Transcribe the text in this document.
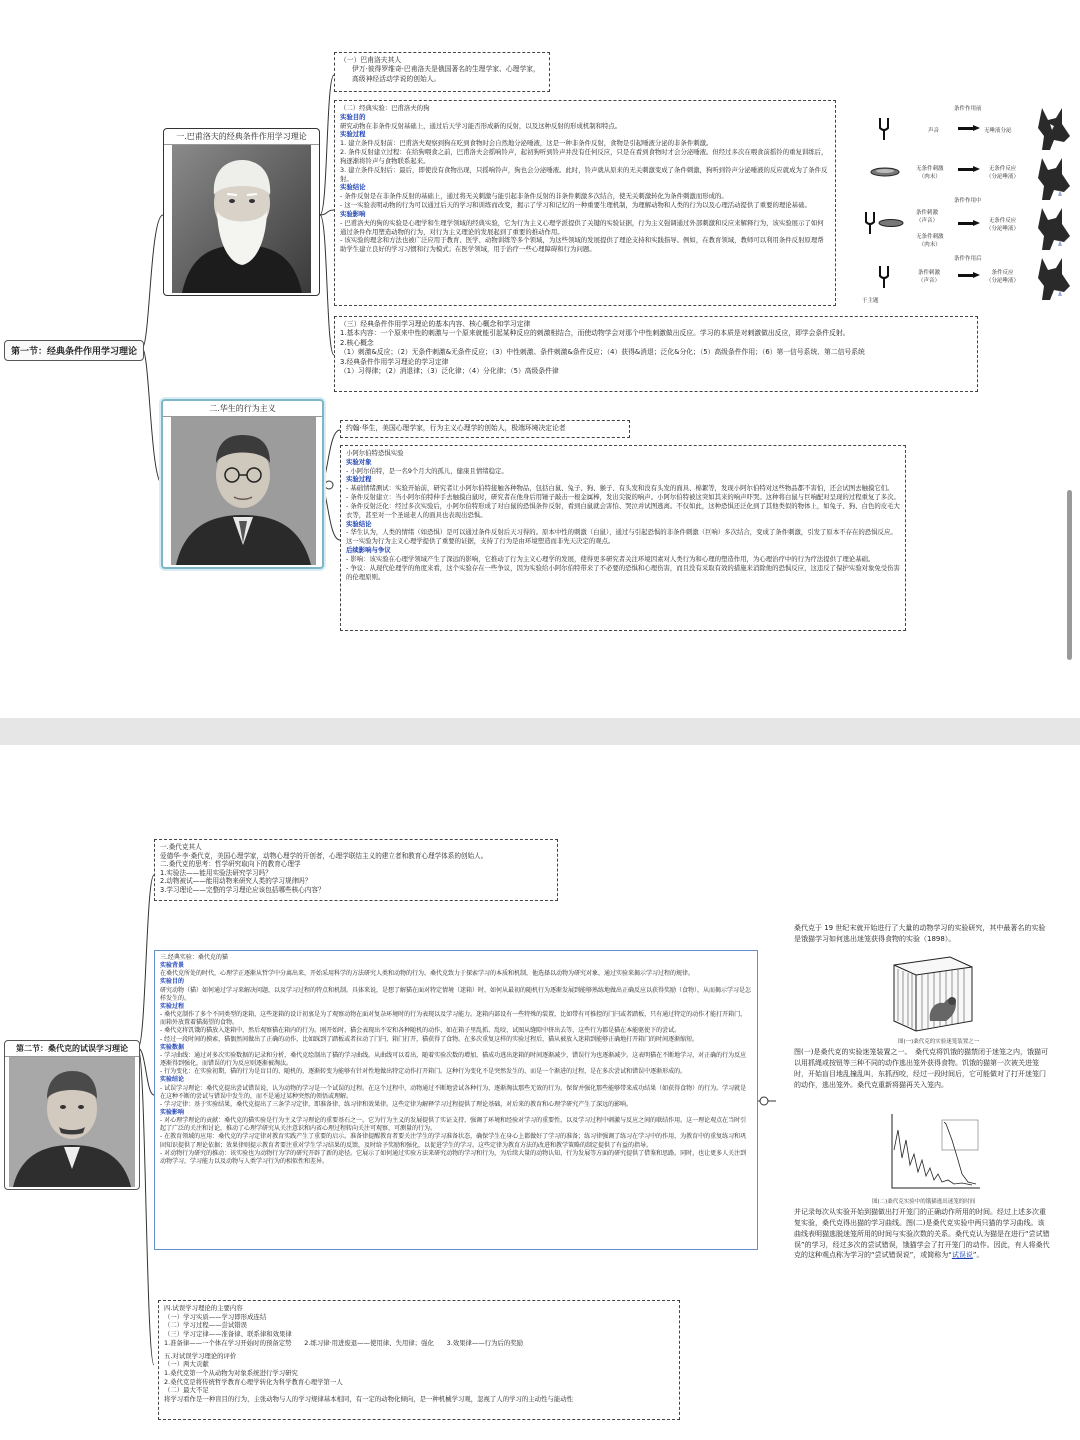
第一节：经典条件作用学习理论
一.巴甫洛夫的经典条件作用学习理论
二.华生的行为主义
（一）巴甫洛夫其人
伊万·彼得罗维奇·巴甫洛夫是俄国著名的生理学家、心理学家，高级神经活动学说的创始人。
（二）经典实验：巴甫洛夫的狗
实验目的
研究动物在非条件反射基础上，通过后天学习能否形成新的反射，以及这种反射的形成机制和特点。
实验过程
1. 建立条件反射前：巴甫洛夫观察到狗在吃到食物时会自然地分泌唾液，这是一种非条件反射，食物是引起唾液分泌的非条件刺激。
2. 条件反射建立过程：在给狗喂食之前，巴甫洛夫会摇响铃声，起初狗听到铃声并没有任何反应，只是在看到食物时才会分泌唾液。但经过多次在喂食前摇铃的重复训练后，狗逐渐将铃声与食物联系起来。
3. 建立条件反射后：最后，即使没有食物出现，只摇响铃声，狗也会分泌唾液。此时，铃声就从原来的无关刺激变成了条件刺激，狗听到铃声分泌唾液的反应就成为了条件反射。
实验结论
- 条件反射是在非条件反射的基础上，通过将无关刺激与能引起非条件反射的非条件刺激多次结合，使无关刺激转化为条件刺激而形成的。
- 这一实验表明动物的行为可以通过后天的学习和训练而改变，揭示了学习和记忆的一种重要生理机制，为理解动物和人类的行为以及心理活动提供了重要的理论基础。
实验影响
- 巴甫洛夫的狗的实验是心理学和生理学领域的经典实验，它为行为主义心理学派提供了关键的实验证据，行为主义强调通过外部刺激和反应来解释行为，该实验展示了如何通过条件作用塑造动物的行为，对行为主义理论的发展起到了重要的推动作用。
- 该实验的理念和方法也被广泛应用于教育、医学、动物训练等多个领域，为这些领域的发展提供了理论支持和实践指导。例如，在教育领域，教师可以利用条件反射原理帮助学生建立良好的学习习惯和行为模式；在医学领域，用于治疗一些心理障碍和行为问题。
（三）经典条件作用学习理论的基本内容、核心概念和学习定律
1.基本内容：一个原来中性的刺激与一个原来就能引起某种反应的刺激相结合，而使动物学会对那个中性刺激做出反应。学习的本质是对刺激做出反应，即学会条件反射。
2.核心概念
（1）刺激&反应；（2）无条件刺激&无条件反应；（3）中性刺激、条件刺激&条件反应；（4）获得&消退；泛化&分化；（5）高级条件作用；（6）第一信号系统、第二信号系统
3.经典条件作用学习理论的学习定律
（1）习得律；（2）消退律；（3）泛化律；（4）分化律；（5）高级条件律
约翰·华生，美国心理学家，行为主义心理学的创始人，极端环境决定论者
小阿尔伯特恐惧实验
实验对象
- 小阿尔伯特，是一名9个月大的孤儿，健康且情绪稳定。
实验过程
- 基础情绪测试：实验开始前，研究者让小阿尔伯特接触各种物品，包括白鼠、兔子、狗、猴子、有头发和没有头发的面具、棉絮等，发现小阿尔伯特对这些物品都不害怕，还会试图去触摸它们。
- 条件反射建立：当小阿尔伯特伸手去触摸白鼠时，研究者在他身后用锤子敲击一根金属棒，发出尖锐的响声。小阿尔伯特被这突如其来的响声吓哭。这种将白鼠与巨响配对呈现的过程重复了多次。
- 条件反射泛化：经过多次实验后，小阿尔伯特形成了对白鼠的恐惧条件反射，看到白鼠就会害怕、哭泣并试图逃离。不仅如此，这种恐惧还泛化到了其他类似的物体上，如兔子、狗、白色的皮毛大衣等，甚至对一个圣诞老人的面具也表现出恐惧。
实验结论
- 华生认为，人类的情绪（如恐惧）是可以通过条件反射后天习得的。原本中性的刺激（白鼠），通过与引起恐惧的非条件刺激（巨响）多次结合，变成了条件刺激，引发了原本不存在的恐惧反应。这一实验为行为主义心理学提供了重要的证据，支持了行为是由环境塑造而非先天决定的观点。
后续影响与争议
- 影响：该实验在心理学领域产生了深远的影响，它推动了行为主义心理学的发展，使得更多研究者关注环境因素对人类行为和心理的塑造作用，为心理治疗中的行为疗法提供了理论基础。
- 争议：从现代伦理学的角度来看，这个实验存在一些争议，因为实验给小阿尔伯特带来了不必要的恐惧和心理伤害，而且没有采取有效的措施来消除他的恐惧反应，这违反了保护实验对象免受伤害的伦理原则。
条件作用前
条件作用中
条件作用后
声音	无唾液分泌
无条件刺激
（肉末）
无条件反应
（分泌唾液）
条件刺激
（声音）
无条件刺激
（肉末）
无条件反应
（分泌唾液）
条件刺激
（声音）
条件反应
（分泌唾液）
于主题
第二节：桑代克的试误学习理论
一.桑代克其人
爱德华·李·桑代克，美国心理学家，动物心理学的开创者，心理学联结主义的建立者和教育心理学体系的创始人。
二.桑代克的思考：哲学研究取向下的教育心理学
1.实验法——能用实验法研究学习吗？
2.动物被试——能用动物来研究人类的学习规律吗？
3.学习理论——完整的学习理论应该包括哪些核心内容？
三.经典实验：桑代克的猫
实验背景
在桑代克所处的时代，心理学正逐渐从哲学中分离出来，开始采用科学的方法研究人类和动物的行为。桑代克致力于探索学习的本质和机制，他选择以动物为研究对象，通过实验来揭示学习过程的规律。
实验目的
研究动物（猫）如何通过学习来解决问题，以及学习过程的特点和机制。具体来说，是想了解猫在面对特定情境（迷箱）时，如何从最初的随机行为逐渐发展到能够熟练地做出正确反应以获得奖励（食物），从而揭示学习是怎样发生的。
实验过程
- 桑代克制作了多个不同类型的迷箱，这些迷箱的设计初衷是为了观察动物在面对复杂环境时的行为表现以及学习能力。迷箱内部设有一些特殊的装置，比如带有可推控的门闩或者踏板，只有通过特定的动作才能打开箱门，而箱外放置着猫渴望的食物。
- 桑代克将饥饿的猫放入迷箱中，然后观察猫在箱内的行为。刚开始时，猫会表现出不安和各种随机的动作，如在箱子里乱抓、乱咬、试图从缝隙中挤出去等，这些行为都是猫在本能驱使下的尝试。
- 经过一段时间的摸索，猫偶然间做出了正确的动作，比如踩到了踏板或者拉动了门闩，箱门打开，猫获得了食物。在多次重复这样的实验过程后，猫从被放入迷箱到能够正确地打开箱门的时间逐渐缩短。
实验数据
- 学习曲线：通过对多次实验数据的记录和分析，桑代克绘制出了猫的学习曲线。从曲线可以看出，随着实验次数的增加，猫成功逃出迷箱的时间逐渐减少，错误行为也逐渐减少。这表明猫在不断地学习，对正确的行为反应逐渐得到强化，而错误的行为反应则逐渐被淘汰。
- 行为变化：在实验初期，猫的行为是盲目的、随机的，逐渐转变为能够有针对性地做出特定动作打开箱门。这种行为变化不是突然发生的，而是一个渐进的过程，是在多次尝试和错误中逐渐形成的。
实验结论
- 试误学习理论：桑代克提出尝试错误说，认为动物的学习是一个试误的过程。在这个过程中，动物通过不断地尝试各种行为，逐渐淘汰那些无效的行为，保留并强化那些能够带来成功结果（如获得食物）的行为。学习就是在这种不断的尝试与错误中发生的，而不是通过某种突然的领悟或理解。
- 学习定律：基于实验结果，桑代克提出了三条学习定律，即准备律、练习律和效果律。这些定律为解释学习过程提供了理论基础，对后来的教育和心理学研究产生了深远的影响。
实验影响
- 对心理学理论的贡献：桑代克的猫实验是行为主义学习理论的重要基石之一。它为行为主义的发展提供了实证支持，强调了环境和经验对学习的重要性，以及学习过程中刺激与反应之间的联结作用。这一理论观点在当时引起了广泛的关注和讨论，推动了心理学研究从关注意识和内省心理过程转向关注可观察、可测量的行为。
- 在教育领域的应用：桑代克的学习定律对教育实践产生了重要的启示。准备律提醒教育者要关注学生的学习准备状态，确保学生在身心上都做好了学习的准备；练习律强调了练习在学习中的作用，为教育中的重复练习和巩固知识提供了理论依据；效果律则提示教育者要注重对学生学习结果的反馈，及时给予奖励和强化，以促进学生的学习。这些定律为教育方法的改进和教学策略的制定提供了有益的指导。
- 对动物行为研究的推动：该实验也为动物行为学的研究开辟了新的途径。它展示了如何通过实验方法来研究动物的学习和行为，为后续大量的动物认知、行为发展等方面的研究提供了借鉴和思路。同时，也让更多人关注到动物学习，学习能力以及动物与人类学习行为的相似性和差异。
四.试误学习理论的主要内容
（一）学习实质——学习即形成连结
（二）学习过程——尝试错误
（三）学习定律——准备律、联系律和效果律
1.准备律——一个体在学习开始时的预备定势　　2.练习律·用进废退——使用律、失用律；强化　　3.效果律——行为后的奖励
五.对试误学习理论的评价
（一）两大贡献
1.桑代克第一个从动物为对象系统进行学习研究
2.桑代克是将传统哲学教育心理学转化为科学教育心理学第一人
（二）最大不足
将学习看作是一种盲目的行为，主张动物与人的学习规律基本相同，有一定的动物化倾向，是一种机械学习观，忽视了人的学习的主动性与能动性
桑代克于 19 世纪末就开始进行了大量的动物学习的实验研究，其中最著名的实验是饿猫学习如何逃出迷笼获得食物的实验（1898）。
图(一)桑代克的实验迷笼装置之一
图(一)是桑代克的实验迷笼装置之一。　桑代克将饥饿的猫禁闭于迷笼之内，饿猫可以用抓绳或按钮等三种不同的动作逃出笼外获得食物。饥饿的猫第一次被关进笼时，开始盲目地乱撞乱叫，东抓西咬，经过一段时间后，它可能做对了打开迷笼门的动作，逃出笼外。桑代克重新将猫再关入笼内。
图(二)桑代克实验中的饿猫逃出迷笼的时间
并记录每次从实验开始到猫做出打开笼门的正确动作所用的时间。经过上述多次重复实验，桑代克得出猫的学习曲线。图(二)是桑代克实验中两只猫的学习曲线。该曲线表明猫逃脱迷笼所用的时间与实验次数的关系。桑代克认为猫是在进行“尝试错误”的学习，经过多次的尝试错误，饿猫学会了打开笼门的动作。因此，有人将桑代克的这种观点称为学习的“尝试错误说”，或简称为“试误说”。
